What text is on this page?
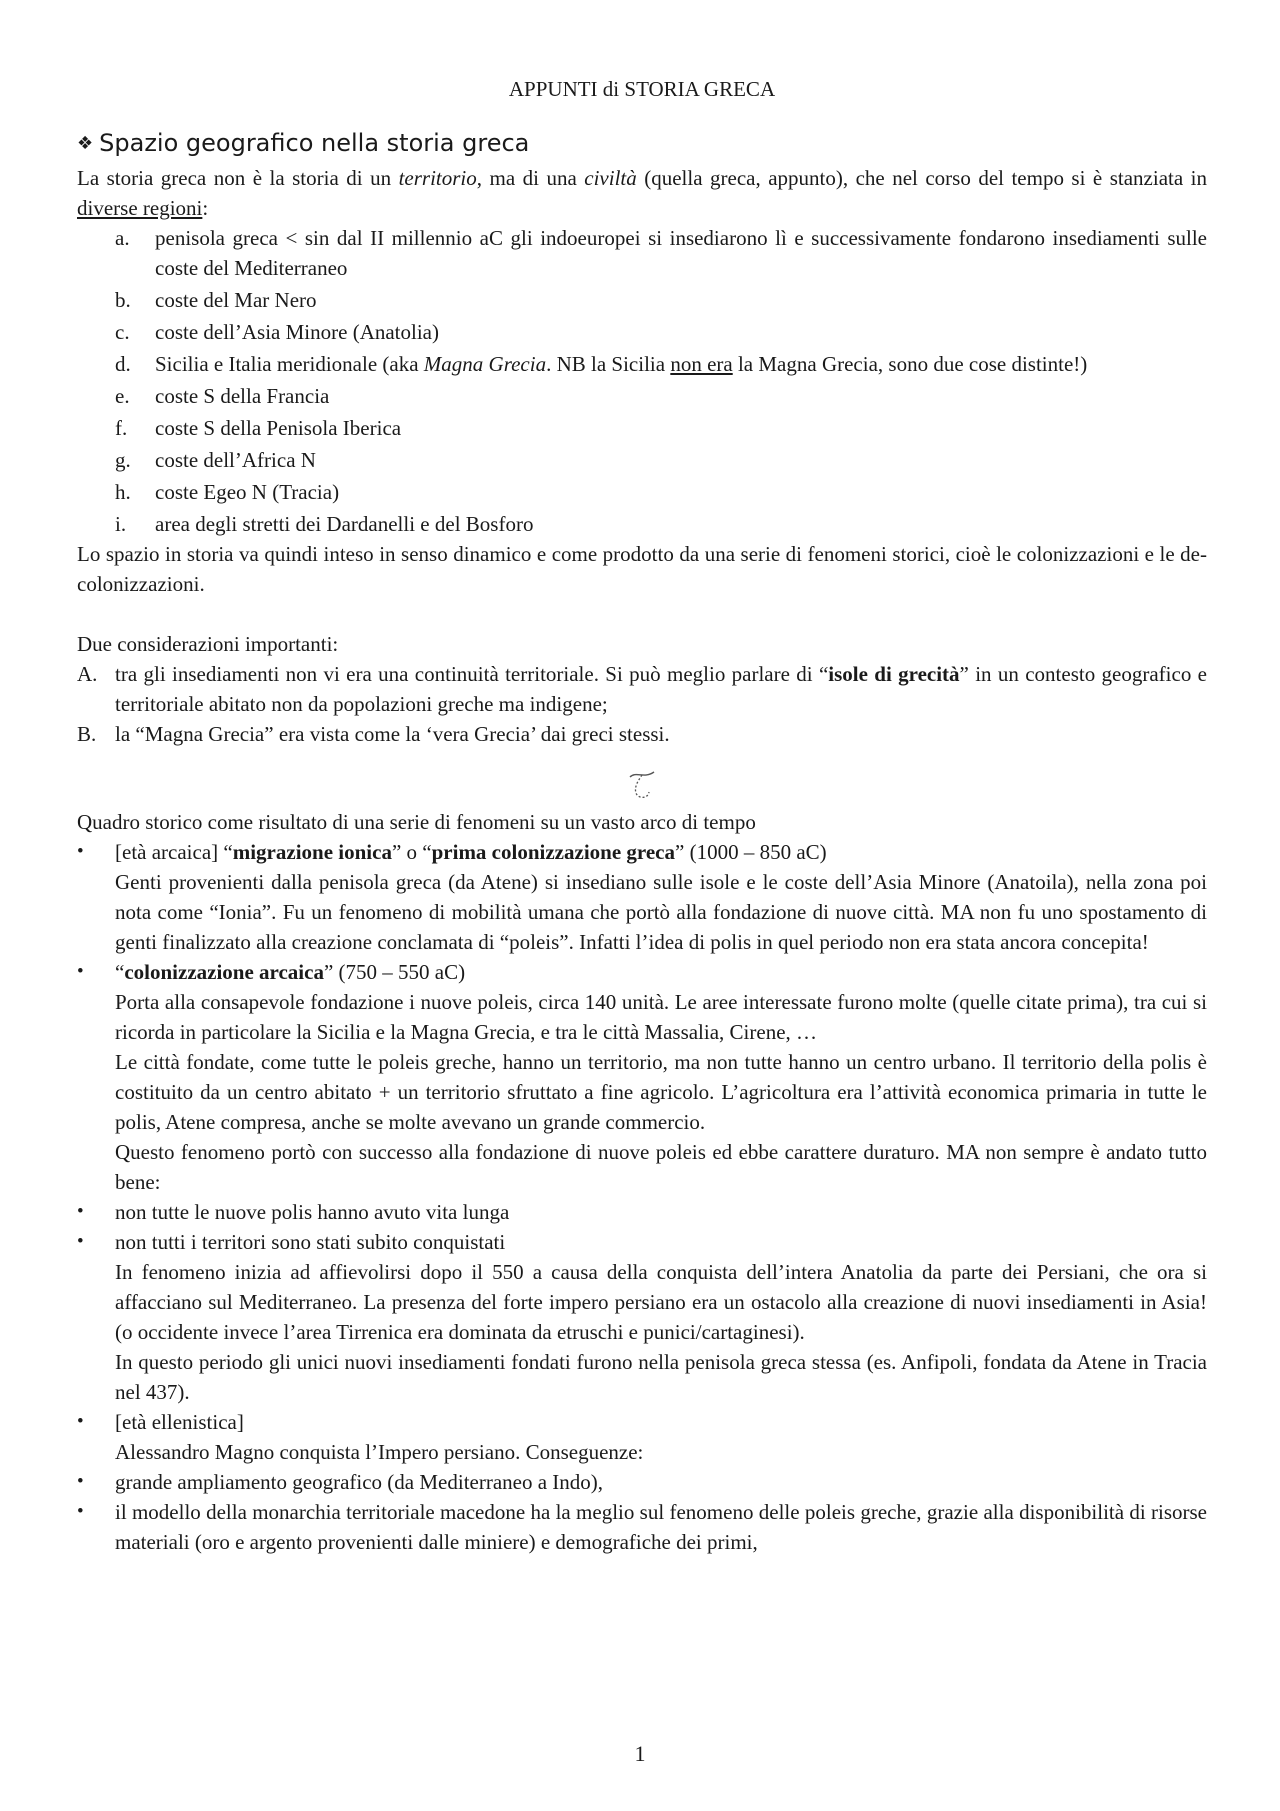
APPUNTI di STORIA GRECA
❖ Spazio geografico nella storia greca

La storia greca non è la storia di un territorio, ma di una civiltà (quella greca, appunto), che nel corso del tempo si è stanziata in diverse regioni:

a.	penisola greca < sin dal II millennio aC gli indoeuropei si insediarono lì e successivamente fondarono insediamenti sulle coste del Mediterraneo
b.	coste del Mar Nero
c.	coste dell’Asia Minore (Anatolia)
d.	Sicilia e Italia meridionale (aka Magna Grecia. NB la Sicilia non era la Magna Grecia, sono due cose distinte!)
e.	coste S della Francia
f.	coste S della Penisola Iberica
g.	coste dell’Africa N
h.	coste Egeo N (Tracia)
i.	area degli stretti dei Dardanelli e del Bosforo

Lo spazio in storia va quindi inteso in senso dinamico e come prodotto da una serie di fenomeni storici, cioè le colonizzazioni e le de-colonizzazioni.

Due considerazioni importanti:

A. tra gli insediamenti non vi era una continuità territoriale. Si può meglio parlare di “isole di grecità” in un contesto geografico e territoriale abitato non da popolazioni greche ma indigene;
B. la “Magna Grecia” era vista come la ‘vera Grecia’ dai greci stessi.

Quadro storico come risultato di una serie di fenomeni su un vasto arco di tempo

• [età arcaica] “migrazione ionica” o “prima colonizzazione greca” (1000 – 850 aC)

Genti provenienti dalla penisola greca (da Atene) si insediano sulle isole e le coste dell’Asia Minore (Anatoila), nella zona poi nota come “Ionia”. Fu un fenomeno di mobilità umana che portò alla fondazione di nuove città. MA non fu uno spostamento di genti finalizzato alla creazione conclamata di “poleis”. Infatti l’idea di polis in quel periodo non era stata ancora concepita!

• “colonizzazione arcaica” (750 – 550 aC)

Porta alla consapevole fondazione i nuove poleis, circa 140 unità. Le aree interessate furono molte (quelle citate prima), tra cui si ricorda in particolare la Sicilia e la Magna Grecia, e tra le città Massalia, Cirene, …

Le città fondate, come tutte le poleis greche, hanno un territorio, ma non tutte hanno un centro urbano. Il territorio della polis è costituito da un centro abitato + un territorio sfruttato a fine agricolo. L’agricoltura era l’attività economica primaria in tutte le polis, Atene compresa, anche se molte avevano un grande commercio.

Questo fenomeno portò con successo alla fondazione di nuove poleis ed ebbe carattere duraturo. MA non sempre è andato tutto bene:

• non tutte le nuove polis hanno avuto vita lunga
• non tutti i territori sono stati subito conquistati

In fenomeno inizia ad affievolirsi dopo il 550 a causa della conquista dell’intera Anatolia da parte dei Persiani, che ora si affacciano sul Mediterraneo. La presenza del forte impero persiano era un ostacolo alla creazione di nuovi insediamenti in Asia! (o occidente invece l’area Tirrenica era dominata da etruschi e punici/cartaginesi).

In questo periodo gli unici nuovi insediamenti fondati furono nella penisola greca stessa (es. Anfipoli, fondata da Atene in Tracia nel 437).

• [età ellenistica]

Alessandro Magno conquista l’Impero persiano. Conseguenze:

• grande ampliamento geografico (da Mediterraneo a Indo),
• il modello della monarchia territoriale macedone ha la meglio sul fenomeno delle poleis greche, grazie alla disponibilità di risorse materiali (oro e argento provenienti dalle miniere) e demografiche dei primi,
1
